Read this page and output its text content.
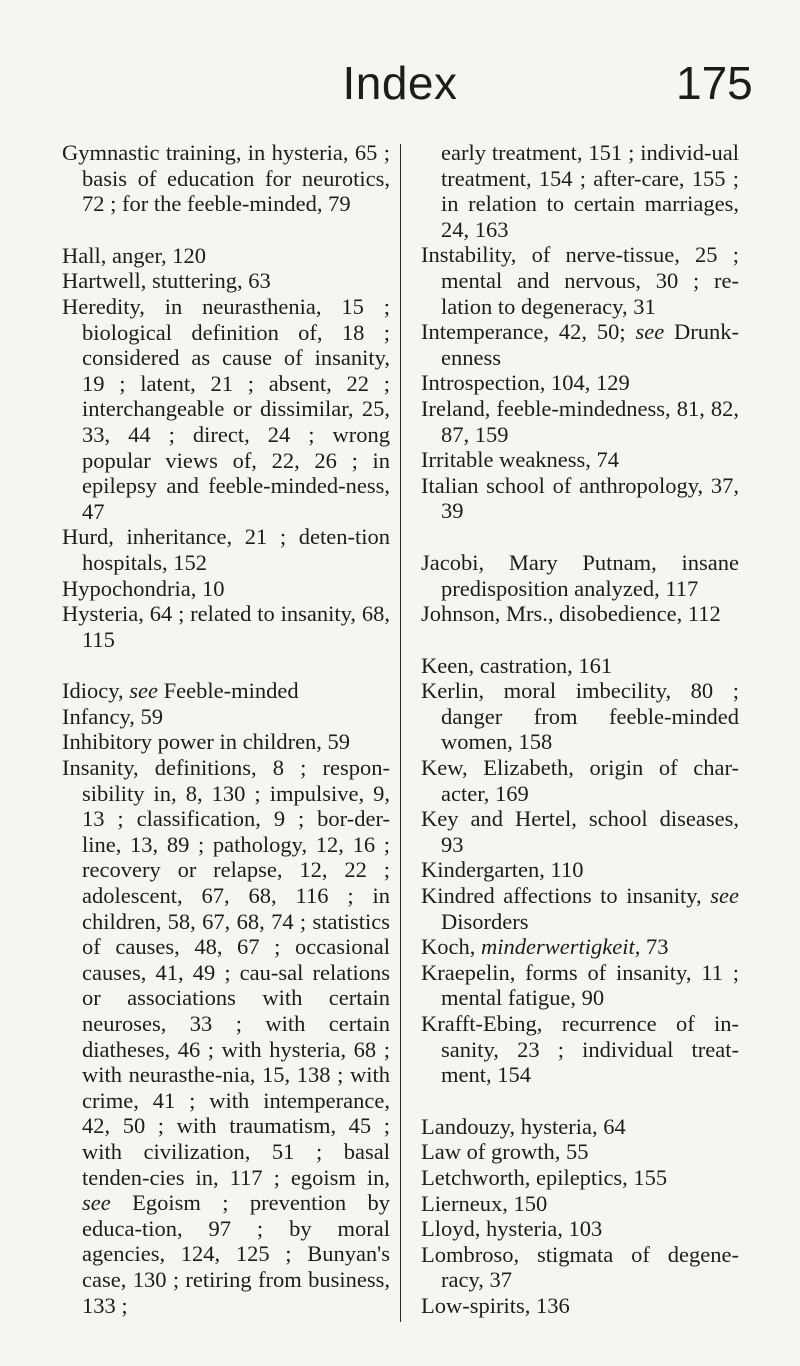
Index	175
Gymnastic training, in hysteria, 65 ; basis of education for neurotics, 72 ; for the feeble-minded, 79
Hall, anger, 120
Hartwell, stuttering, 63
Heredity, in neurasthenia, 15 ; biological definition of, 18 ; considered as cause of insanity, 19 ; latent, 21 ; absent, 22 ; interchangeable or dissimilar, 25, 33, 44 ; direct, 24 ; wrong popular views of, 22, 26 ; in epilepsy and feeble-minded-ness, 47
Hurd, inheritance, 21 ; deten-tion hospitals, 152
Hypochondria, 10
Hysteria, 64 ; related to insanity, 68, 115
Idiocy, see Feeble-minded
Infancy, 59
Inhibitory power in children, 59
Insanity, definitions, 8 ; respon-sibility in, 8, 130 ; impulsive, 9, 13 ; classification, 9 ; bor-der-line, 13, 89 ; pathology, 12, 16 ; recovery or relapse, 12, 22 ; adolescent, 67, 68, 116 ; in children, 58, 67, 68, 74 ; statistics of causes, 48, 67 ; occasional causes, 41, 49 ; cau-sal relations or associations with certain neuroses, 33 ; with certain diatheses, 46 ; with hysteria, 68 ; with neurasthe-nia, 15, 138 ; with crime, 41 ; with intemperance, 42, 50 ; with traumatism, 45 ; with civilization, 51 ; basal tenden-cies in, 117 ; egoism in, see Egoism ; prevention by educa-tion, 97 ; by moral agencies, 124, 125 ; Bunyan's case, 130 ; retiring from business, 133 ;
early treatment, 151 ; individ-ual treatment, 154 ; after-care, 155 ; in relation to certain marriages, 24, 163
Instability, of nerve-tissue, 25 ; mental and nervous, 30 ; re-lation to degeneracy, 31
Intemperance, 42, 50; see Drunk-enness
Introspection, 104, 129
Ireland, feeble-mindedness, 81, 82, 87, 159
Irritable weakness, 74
Italian school of anthropology, 37, 39
Jacobi, Mary Putnam, insane predisposition analyzed, 117
Johnson, Mrs., disobedience, 112
Keen, castration, 161
Kerlin, moral imbecility, 80 ; danger from feeble-minded women, 158
Kew, Elizabeth, origin of char-acter, 169
Key and Hertel, school diseases, 93
Kindergarten, 110
Kindred affections to insanity, see Disorders
Koch, minderwertigkeit, 73
Kraepelin, forms of insanity, 11 ; mental fatigue, 90
Krafft-Ebing, recurrence of in-sanity, 23 ; individual treat-ment, 154
Landouzy, hysteria, 64
Law of growth, 55
Letchworth, epileptics, 155
Lierneux, 150
Lloyd, hysteria, 103
Lombroso, stigmata of degene-racy, 37
Low-spirits, 136
